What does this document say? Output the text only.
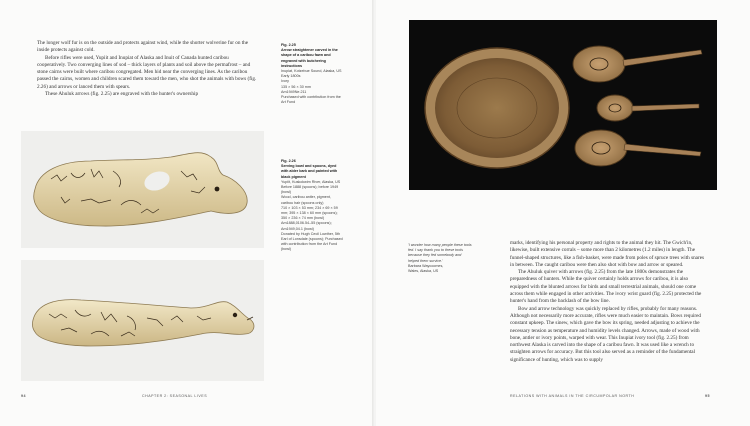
The longer wolf fur is on the outside and protects against wind, while the shorter wolverine fur on the inside protects against cold.

Before rifles were used, Yupiit and Inupiat of Alaska and Inuit of Canada hunted caribou cooperatively. Two converging lines of sod – thick layers of plants and soil above the permafrost – and stone cairns were built where caribou congregated. Men hid near the converging lines. As the caribou passed the cairns, women and children scared them toward the men, who shot the animals with bows (fig. 2.26) and arrows or lanced them with spears.

These Ahuluk arrows (fig. 2.25) are engraved with the hunter's ownership

Fig. 2.25
Arrow straightener carved in the shape of a caribou fawn and engraved with butchering instructions
Inupiat, Kotzebue Sound, Alaska, US
Early 1800s
Ivory
135 × 56 × 30 mm
Am1949Ne.211
Purchased with contribution from the Art Fund
Fig. 2.26
Serving bowl and spoons, dyed with alder bark and painted with black pigment
Yupiit, Kuskokwim River, Alaska, US
Before 1888 (spoons); before 1949 (bowl)
Wood, caribou antler, pigment, caribou hair (spoons only)
710 × 103 × 53 mm; 234 × 69 × 59 mm; 395 × 138 × 60 mm (spoons); 350 × 236 × 74 mm (bowl)
Am1888,0106.54–55 (spoons); Am1949,04.1 (bowl)
Donated by Hugh Cecil Lowther, 5th Earl of Lonsdale (spoons); Purchased with contribution from the Art Fund (bowl)
94	CHAPTER 2: SEASONAL LIVES	RELATIONS WITH ANIMALS IN THE CIRCUMPOLAR NORTH	95
'I wonder how many people these tools fed. I say thank you to these tools because they fed somebody and helped them survive.'
Barbara Waycoomes,
Wales, Alaska, US

marks, identifying his personal property and rights to the animal they hit. The Gwich'in, likewise, built extensive corrals – some more than 2 kilometres (1.2 miles) in length. The funnel-shaped structures, like a fish-basket, were made from poles of spruce trees with snares in between. The caught caribou were then also shot with bow and arrow or speared.

The Ahuluk quiver with arrows (fig. 2.25) from the late 1800s demonstrates the preparedness of hunters. While the quiver certainly holds arrows for caribou, it is also equipped with the blunted arrows for birds and small terrestrial animals, should one come across them while engaged in other activities. The ivory wrist guard (fig. 2.25) protected the hunter's hand from the backlash of the bow line.

Bow and arrow technology was quickly replaced by rifles, probably for many reasons. Although not necessarily more accurate, rifles were much easier to maintain. Bows required constant upkeep. The sinew, which gave the bow its spring, needed adjusting to achieve the necessary tension as temperature and humidity levels changed. Arrows, made of wood with bone, antler or ivory points, warped with wear. This Inupiat ivory tool (fig. 2.25) from northwest Alaska is carved into the shape of a caribou fawn. It was used like a wrench to straighten arrows for accuracy. But this tool also served as a reminder of the fundamental significance of hunting, which was to supply
